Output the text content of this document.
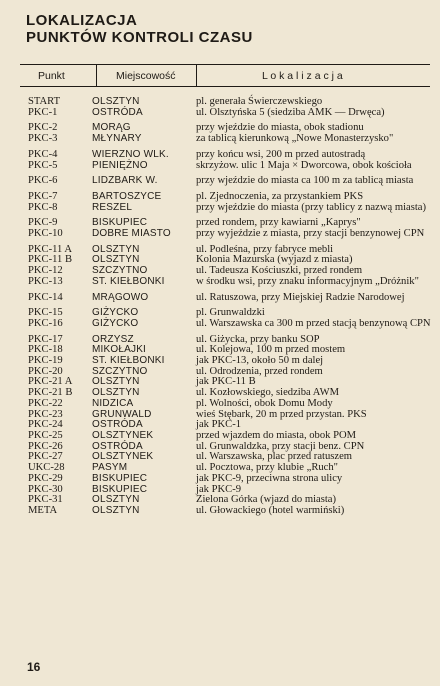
LOKALIZACJA
PUNKTÓW KONTROLI CZASU
Punkt	Miejscowość	L o k a l i z a c j a
START	OLSZTYN	pl. generała Świerczewskiego
PKC-1	OSTRÓDA	ul. Olsztyńska 5 (siedziba AMK — Drwęca)
PKC-2	MORĄG	przy wjeździe do miasta, obok stadionu
PKC-3	MŁYNARY	za tablicą kierunkową „Nowe Monasterzysko"
PKC-4	WIERZNO WLK.	przy końcu wsi, 200 m przed autostradą
PKC-5	PIENIĘŻNO	skrzyżow. ulic 1 Maja × Dworcowa, obok kościoła
PKC-6	LIDZBARK W.	przy wjeździe do miasta ca 100 m za tablicą miasta
PKC-7	BARTOSZYCE	pl. Zjednoczenia, za przystankiem PKS
PKC-8	RESZEL	przy wjeździe do miasta (przy tablicy z nazwą miasta)
PKC-9	BISKUPIEC	przed rondem, przy kawiarni „Kaprys"
PKC-10	DOBRE MIASTO	przy wyjeździe z miasta, przy stacji benzynowej CPN
PKC-11 A	OLSZTYN	ul. Podleśna, przy fabryce mebli
PKC-11 B	OLSZTYN	Kolonia Mazurska (wyjazd z miasta)
PKC-12	SZCZYTNO	ul. Tadeusza Kościuszki, przed rondem
PKC-13	ST. KIEŁBONKI	w środku wsi, przy znaku informacyjnym „Dróżnik"
PKC-14	MRĄGOWO	ul. Ratuszowa, przy Miejskiej Radzie Narodowej
PKC-15	GIŻYCKO	pl. Grunwaldzki
PKC-16	GIŻYCKO	ul. Warszawska ca 300 m przed stacją benzynową CPN
PKC-17	ORZYSZ	ul. Giżycka, przy banku SOP
PKC-18	MIKOŁAJKI	ul. Kolejowa, 100 m przed mostem
PKC-19	ST. KIEŁBONKI	jak PKC-13, około 50 m dalej
PKC-20	SZCZYTNO	ul. Odrodzenia, przed rondem
PKC-21 A	OLSZTYN	jak PKC-11 B
PKC-21 B	OLSZTYN	ul. Kozłowskiego, siedziba AWM
PKC-22	NIDZICA	pl. Wolności, obok Domu Mody
PKC-23	GRUNWALD	wieś Stębark, 20 m przed przystan. PKS
PKC-24	OSTRÓDA	jak PKC-1
PKC-25	OLSZTYNEK	przed wjazdem do miasta, obok POM
PKC-26	OSTRÓDA	ul. Grunwaldzka, przy stacji benz. CPN
PKC-27	OLSZTYNEK	ul. Warszawska, plac przed ratuszem
UKC-28	PASYM	ul. Pocztowa, przy klubie „Ruch"
PKC-29	BISKUPIEC	jak PKC-9, przeciwna strona ulicy
PKC-30	BISKUPIEC	jak PKC-9
PKC-31	OLSZTYN	Zielona Górka (wjazd do miasta)
META	OLSZTYN	ul. Głowackiego (hotel warmiński)
16
